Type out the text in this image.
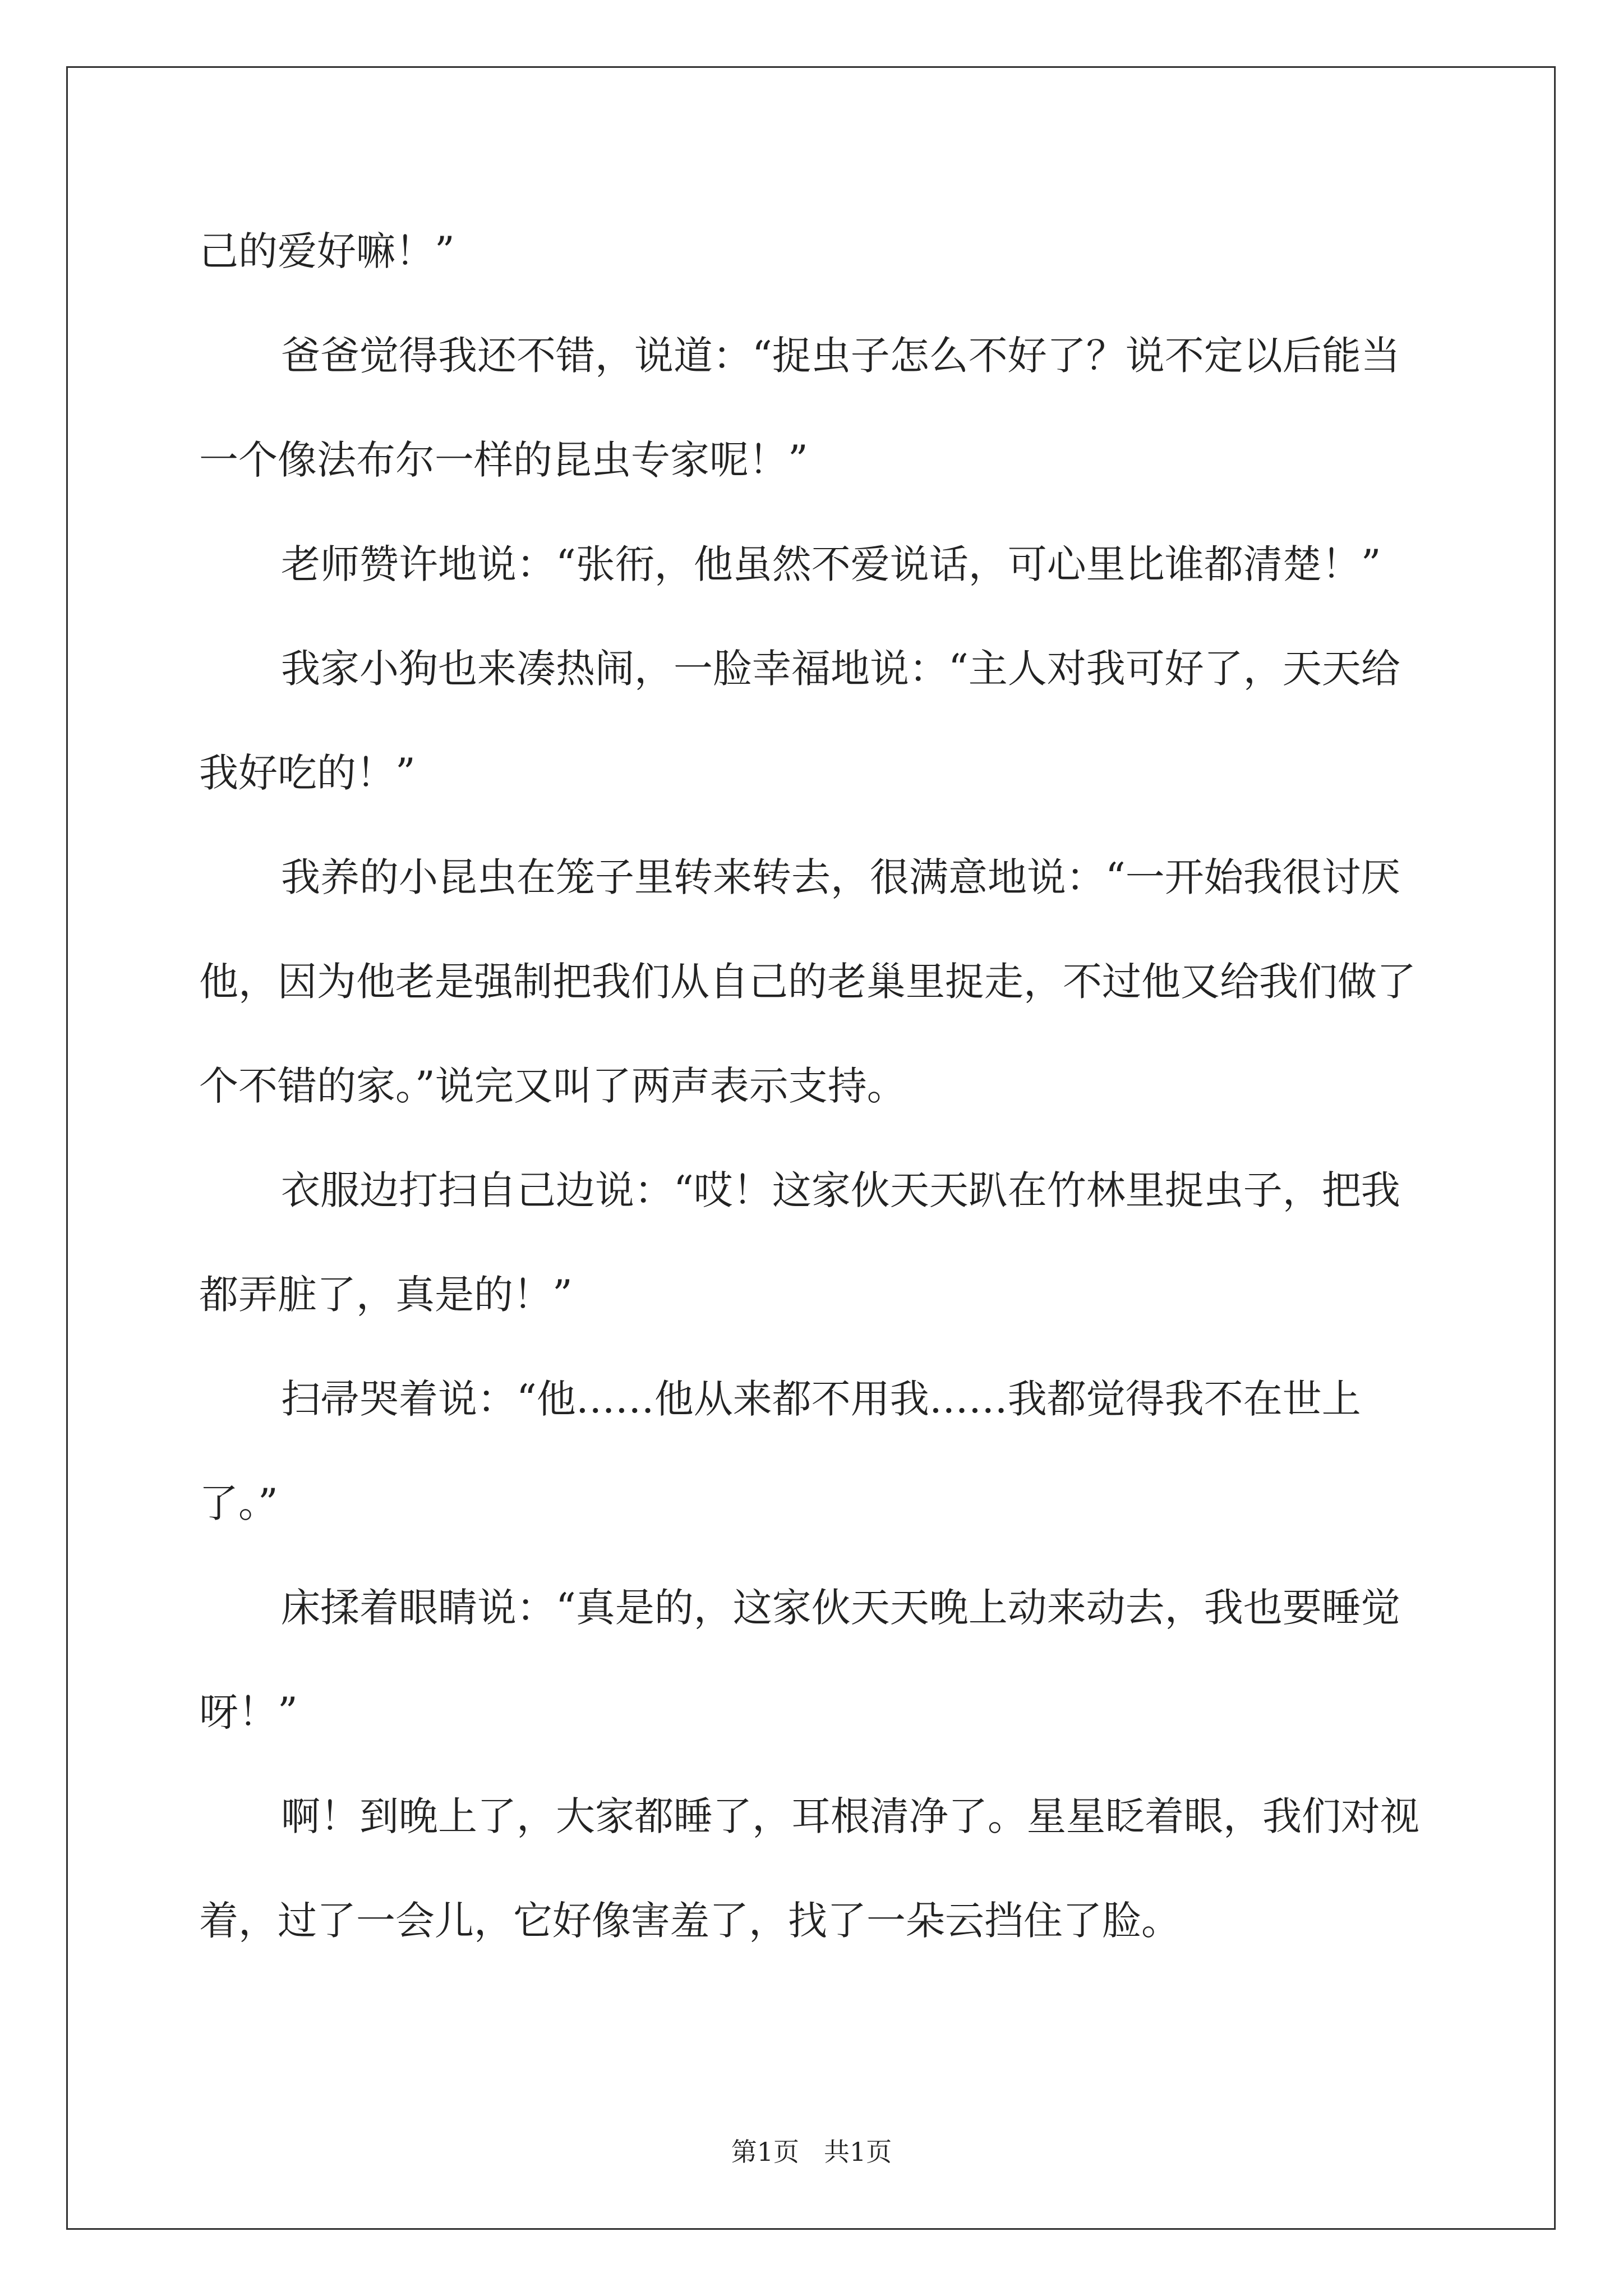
己的爱好嘛！”

爸爸觉得我还不错，说道：“捉虫子怎么不好了？说不定以后能当一个像法布尔一样的昆虫专家呢！”

老师赞许地说：“张衎，他虽然不爱说话，可心里比谁都清楚！”

我家小狗也来凑热闹，一脸幸福地说：“主人对我可好了，天天给我好吃的！”

我养的小昆虫在笼子里转来转去，很满意地说：“一开始我很讨厌他，因为他老是强制把我们从自己的老巢里捉走，不过他又给我们做了个不错的家。”说完又叫了两声表示支持。

衣服边打扫自己边说：“哎！这家伙天天趴在竹林里捉虫子，把我都弄脏了，真是的！”

扫帚哭着说：“他……他从来都不用我……我都觉得我不在世上了。”

床揉着眼睛说：“真是的，这家伙天天晚上动来动去，我也要睡觉呀！”

啊！到晚上了，大家都睡了，耳根清净了。星星眨着眼，我们对视着，过了一会儿，它好像害羞了，找了一朵云挡住了脸。

第1页 共1页
